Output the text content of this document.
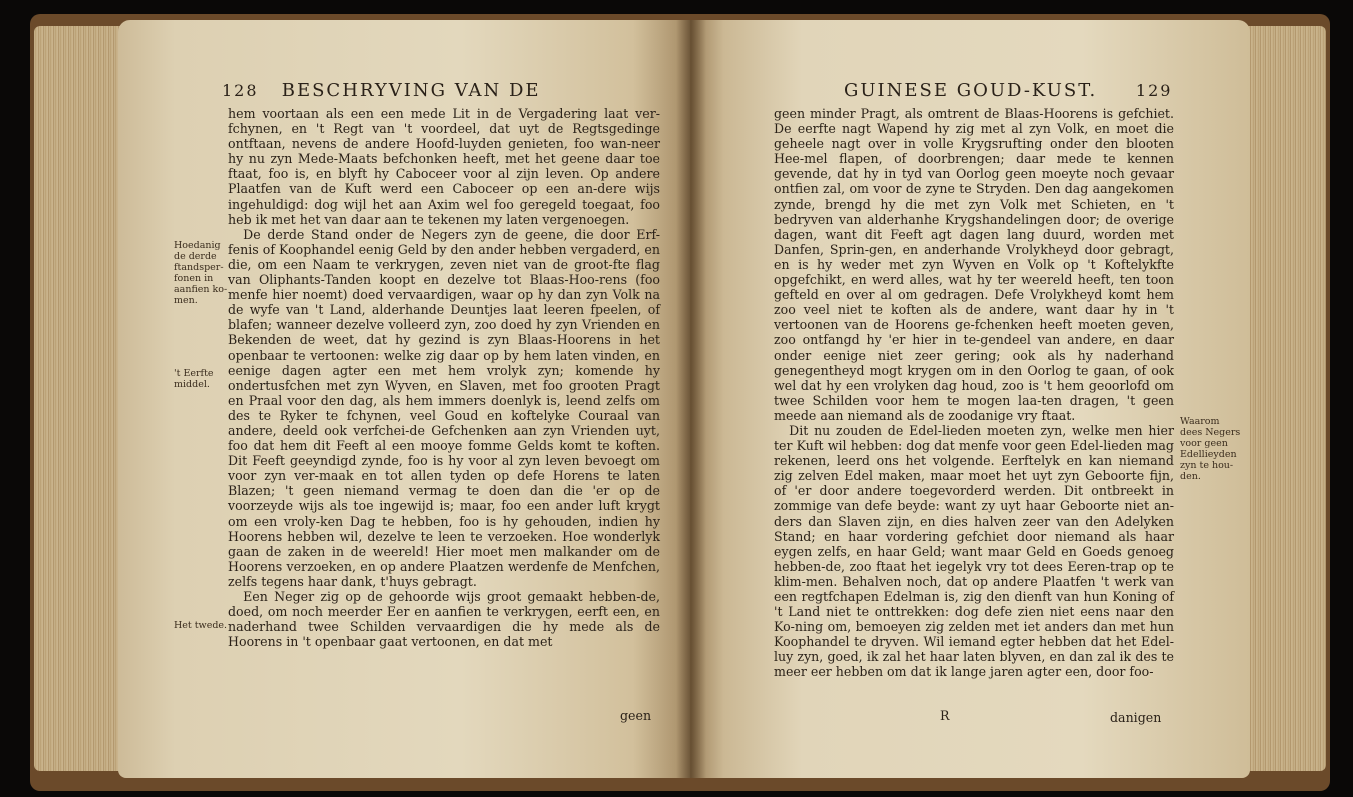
128 BESCHRYVING VAN DE
Hoedanig
de derde
ftandsper-
fonen in
aanfien ko-
men.
't Eerfte
middel.
Het twede.

hem voortaan als een een mede Lit in de Vergadering laat ver-fchynen, en 't Regt van 't voordeel, dat uyt de Regtsgedinge ontftaan, nevens de andere Hoofd-luyden genieten, foo wan-neer hy nu zyn Mede-Maats befchonken heeft, met het geene daar toe ftaat, foo is, en blyft hy Caboceer voor al zijn leven. Op andere Plaatfen van de Kuft werd een Caboceer op een an-dere wijs ingehuldigd: dog wijl het aan Axim wel foo geregeld toegaat, foo heb ik met het van daar aan te tekenen my laten vergenoegen.

De derde Stand onder de Negers zyn de geene, die door Erf-fenis of Koophandel eenig Geld by den ander hebben vergaderd, en die, om een Naam te verkrygen, zeven niet van de groot-fte flag van Oliphants-Tanden koopt en dezelve tot Blaas-Hoo-rens (foo menfe hier noemt) doed vervaardigen, waar op hy dan zyn Volk na de wyfe van 't Land, alderhande Deuntjes laat leeren fpeelen, of blafen; wanneer dezelve volleerd zyn, zoo doed hy zyn Vrienden en Bekenden de weet, dat hy gezind is zyn Blaas-Hoorens in het openbaar te vertoonen: welke zig daar op by hem laten vinden, en eenige dagen agter een met hem vrolyk zyn; komende hy ondertusfchen met zyn Wyven, en Slaven, met foo grooten Pragt en Praal voor den dag, als hem immers doenlyk is, leend zelfs om des te Ryker te fchynen, veel Goud en koftelyke Couraal van andere, deeld ook verfchei-de Gefchenken aan zyn Vrienden uyt, foo dat hem dit Feeft al een mooye fomme Gelds komt te koften. Dit Feeft geeyndigd zynde, foo is hy voor al zyn leven bevoegt om voor zyn ver-maak en tot allen tyden op defe Horens te laten Blazen; 't geen niemand vermag te doen dan die 'er op de voorzeyde wijs als toe ingewijd is; maar, foo een ander luft krygt om een vroly-ken Dag te hebben, foo is hy gehouden, indien hy Hoorens hebben wil, dezelve te leen te verzoeken. Hoe wonderlyk gaan de zaken in de weereld! Hier moet men malkander om de Hoorens verzoeken, en op andere Plaatzen werdenfe de Menfchen, zelfs tegens haar dank, t'huys gebragt.

Een Neger zig op de gehoorde wijs groot gemaakt hebben-de, doed, om noch meerder Eer en aanfien te verkrygen, eerft een, en naderhand twee Schilden vervaardigen die hy mede als de Hoorens in 't openbaar gaat vertoonen, en dat met

geen
GUINESE GOUD-KUST. 129
Waarom
dees Negers
voor geen
Edellieyden
zyn te hou-
den.

geen minder Pragt, als omtrent de Blaas-Hoorens is gefchiet. De eerfte nagt Wapend hy zig met al zyn Volk, en moet die geheele nagt over in volle Krygsrufting onder den blooten Hee-mel flapen, of doorbrengen; daar mede te kennen gevende, dat hy in tyd van Oorlog geen moeyte noch gevaar ontfien zal, om voor de zyne te Stryden. Den dag aangekomen zynde, brengd hy die met zyn Volk met Schieten, en 't bedryven van alderhanhe Krygshandelingen door; de overige dagen, want dit Feeft agt dagen lang duurd, worden met Danfen, Sprin-gen, en anderhande Vrolykheyd door gebragt, en is hy weder met zyn Wyven en Volk op 't Koftelykfte opgefchikt, en werd alles, wat hy ter weereld heeft, ten toon gefteld en over al om gedragen. Defe Vrolykheyd komt hem zoo veel niet te koften als de andere, want daar hy in 't vertoonen van de Hoorens ge-fchenken heeft moeten geven, zoo ontfangd hy 'er hier in te-gendeel van andere, en daar onder eenige niet zeer gering; ook als hy naderhand genegentheyd mogt krygen om in den Oorlog te gaan, of ook wel dat hy een vrolyken dag houd, zoo is 't hem geoorlofd om twee Schilden voor hem te mogen laa-ten dragen, 't geen meede aan niemand als de zoodanige vry ftaat.

Dit nu zouden de Edel-lieden moeten zyn, welke men hier ter Kuft wil hebben: dog dat menfe voor geen Edel-lieden mag rekenen, leerd ons het volgende. Eerftelyk en kan niemand zig zelven Edel maken, maar moet het uyt zyn Geboorte fijn, of 'er door andere toegevorderd werden. Dit ontbreekt in zommige van defe beyde: want zy uyt haar Geboorte niet an-ders dan Slaven zijn, en dies halven zeer van den Adelyken Stand; en haar vordering gefchiet door niemand als haar eygen zelfs, en haar Geld; want maar Geld en Goeds genoeg hebben-de, zoo ftaat het iegelyk vry tot dees Eeren-trap op te klim-men. Behalven noch, dat op andere Plaatfen 't werk van een regtfchapen Edelman is, zig den dienft van hun Koning of 't Land niet te onttrekken: dog defe zien niet eens naar den Ko-ning om, bemoeyen zig zelden met iet anders dan met hun Koophandel te dryven. Wil iemand egter hebben dat het Edel-luy zyn, goed, ik zal het haar laten blyven, en dan zal ik des te meer eer hebben om dat ik lange jaren agter een, door foo-

R	danigen
